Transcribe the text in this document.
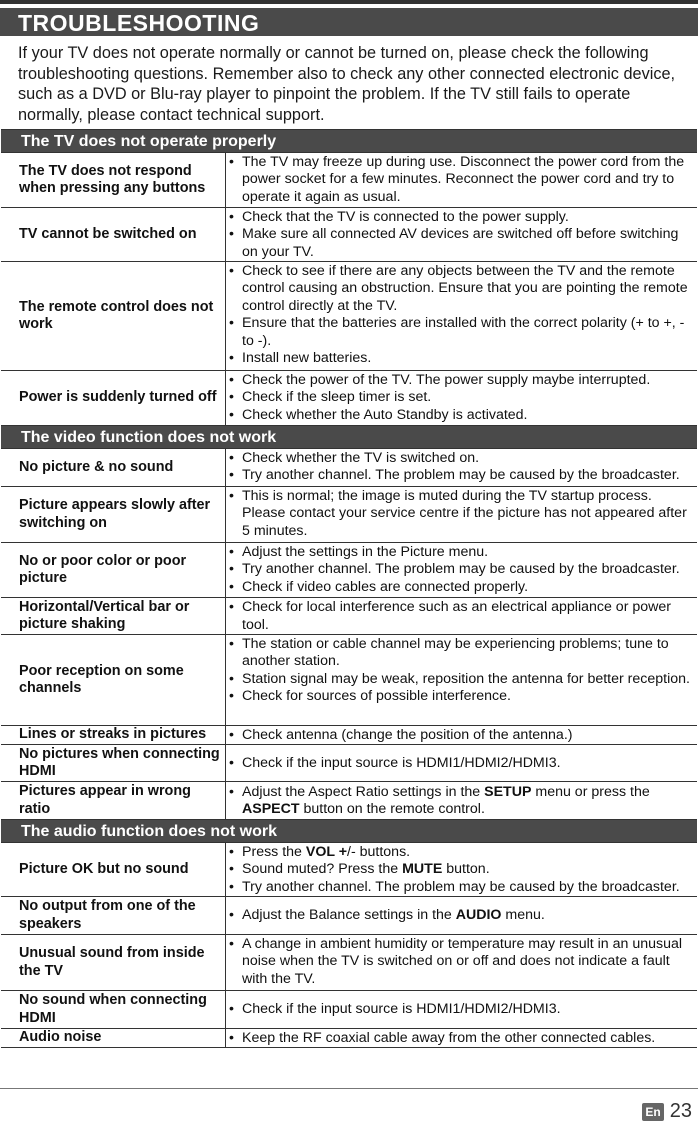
TROUBLESHOOTING

If your TV does not operate normally or cannot be turned on, please check the following troubleshooting questions. Remember also to check any other connected electronic device, such as a DVD or Blu-ray player to pinpoint the problem. If the TV still fails to operate normally, please contact technical support.

The TV does not operate properly
The TV does not respond when pressing any buttons
• The TV may freeze up during use. Disconnect the power cord from the power socket for a few minutes. Reconnect the power cord and try to operate it again as usual.
TV cannot be switched on
• Check that the TV is connected to the power supply.
• Make sure all connected AV devices are switched off before switching on your TV.
The remote control does not work
• Check to see if there are any objects between the TV and the remote control causing an obstruction. Ensure that you are pointing the remote control directly at the TV.
• Ensure that the batteries are installed with the correct polarity (+ to +, - to -).
• Install new batteries.
Power is suddenly turned off
• Check the power of the TV. The power supply maybe interrupted.
• Check if the sleep timer is set.
• Check whether the Auto Standby is activated.
The video function does not work
No picture & no sound
• Check whether the TV is switched on.
• Try another channel. The problem may be caused by the broadcaster.
Picture appears slowly after switching on
• This is normal; the image is muted during the TV startup process. Please contact your service centre if the picture has not appeared after 5 minutes.
No or poor color or poor picture
• Adjust the settings in the Picture menu.
• Try another channel. The problem may be caused by the broadcaster.
• Check if video cables are connected properly.
Horizontal/Vertical bar or picture shaking
• Check for local interference such as an electrical appliance or power tool.
Poor reception on some channels
• The station or cable channel may be experiencing problems; tune to another station.
• Station signal may be weak, reposition the antenna for better reception.
• Check for sources of possible interference.
Lines or streaks in pictures	• Check antenna (change the position of the antenna.)
No pictures when connecting HDMI
• Check if the input source is HDMI1/HDMI2/HDMI3.
Pictures appear in wrong ratio
• Adjust the Aspect Ratio settings in the SETUP menu or press the ASPECT button on the remote control.
The audio function does not work
Picture OK but no sound
• Press the VOL +/- buttons.
• Sound muted? Press the MUTE button.
• Try another channel. The problem may be caused by the broadcaster.
No output from one of the speakers
• Adjust the Balance settings in the AUDIO menu.
Unusual sound from inside the TV
• A change in ambient humidity or temperature may result in an unusual noise when the TV is switched on or off and does not indicate a fault with the TV.
No sound when connecting HDMI
• Check if the input source is HDMI1/HDMI2/HDMI3.
Audio noise	• Keep the RF coaxial cable away from the other connected cables.
En 23
